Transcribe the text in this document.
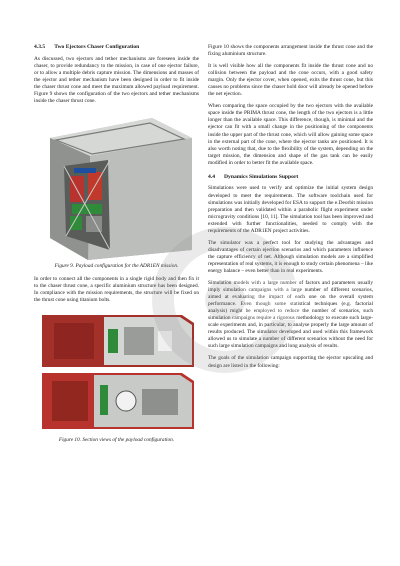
4.3.5 Two Ejectors Chaser Configuration

As discussed, two ejectors and tether mechanisms are foreseen inside the chaser, to provide redundancy to the mission, in case of one ejector failure, or to allow a multiple debris capture mission. The dimensions and masses of the ejector and tether mechanism have been designed in order to fit inside the chaser thrust cone and meet the maximum allowed payload requirement. Figure 9 shows the configuration of the two ejectors and tether mechanisms inside the chaser thrust cone.

Figure 9. Payload configuration for the ADR1EN mission.

In order to connect all the components in a single rigid body and then fix it to the chaser thrust cone, a specific aluminium structure has been designed. In compliance with the mission requirements, the structure will be fixed on the thrust cone using titanium bolts.

Figure 10. Section views of the payload configuration.

Figure 10 shows the components arrangement inside the thrust cone and the fixing aluminium structure.

It is well visible how all the components fit inside the thrust cone and no collision between the payload and the cone occurs, with a good safety margin. Only the ejector cover, when opened, exits the thrust cone, but this causes no problems since the chaser hold door will already be opened before the net ejection.

When comparing the space occupied by the two ejectors with the available space inside the PRIMA thrust cone, the length of the two ejectors is a little longer than the available space. This difference, though, is minimal and the ejector can fit with a small change in the positioning of the components inside the upper part of the thrust cone, which will allow gaining some space in the external part of the cone, where the ejector tanks are positioned. It is also worth noting that, due to the flexibility of the system, depending on the target mission, the dimension and shape of the gas tank can be easily modified in order to better fit the available space.

4.4 Dynamics Simulations Support

Simulations were used to verify and optimize the initial system design developed to meet the requirements. The software toolchain used for simulations was initially developed for ESA to support the e.Deorbit mission preparation and then validated within a parabolic flight experiment under microgravity conditions [10, 11]. The simulation tool has been improved and extended with further functionalities, needed to comply with the requirements of the ADR1EN project activities.

The simulator was a perfect tool for studying the advantages and disadvantages of certain ejection scenarios and which parameters influence the capture efficiency of net. Although simulation models are a simplified representation of real systems, it is enough to study certain phenomena – like energy balance – even better than in real experiments.

Simulation models with a large number of factors and parameters usually imply simulation campaigns with a large number of different scenarios, aimed at evaluating the impact of each one on the overall system performance. Even though some statistical techniques (e.g. factorial analysis) might be employed to reduce the number of scenarios, such simulation campaigns require a rigorous methodology to execute such large-scale experiments and, in particular, to analyse properly the large amount of results produced. The simulator developed and used within this framework allowed us to simulate a number of different scenarios without the need for such large simulation campaigns and long analysis of results.

The goals of the simulation campaign supporting the ejector upscaling and design are listed in the following:
